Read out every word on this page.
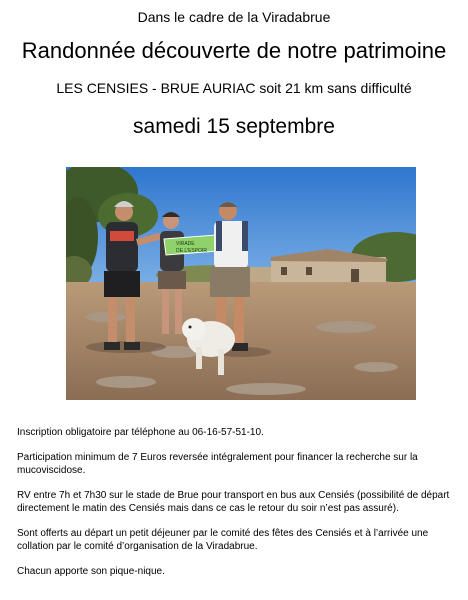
Dans le cadre de la Viradabrue
Randonnée découverte de notre patrimoine
LES CENSIES - BRUE AURIAC soit 21 km sans difficulté
samedi 15 septembre
VIRADE
DE L'ESPOIR
Inscription obligatoire par téléphone au 06-16-57-51-10.
Participation minimum de 7 Euros reversée intégralement pour financer la recherche sur la mucoviscidose.
RV entre 7h et 7h30 sur le stade de Brue pour transport en bus aux Censiés (possibilité de départ directement le matin des Censiés mais dans ce cas le retour du soir n’est pas assuré).
Sont offerts au départ un petit déjeuner par le comité des fêtes des Censiés et à l’arrivée une collation par le comité d’organisation de la Viradabrue.
Chacun apporte son pique-nique.
